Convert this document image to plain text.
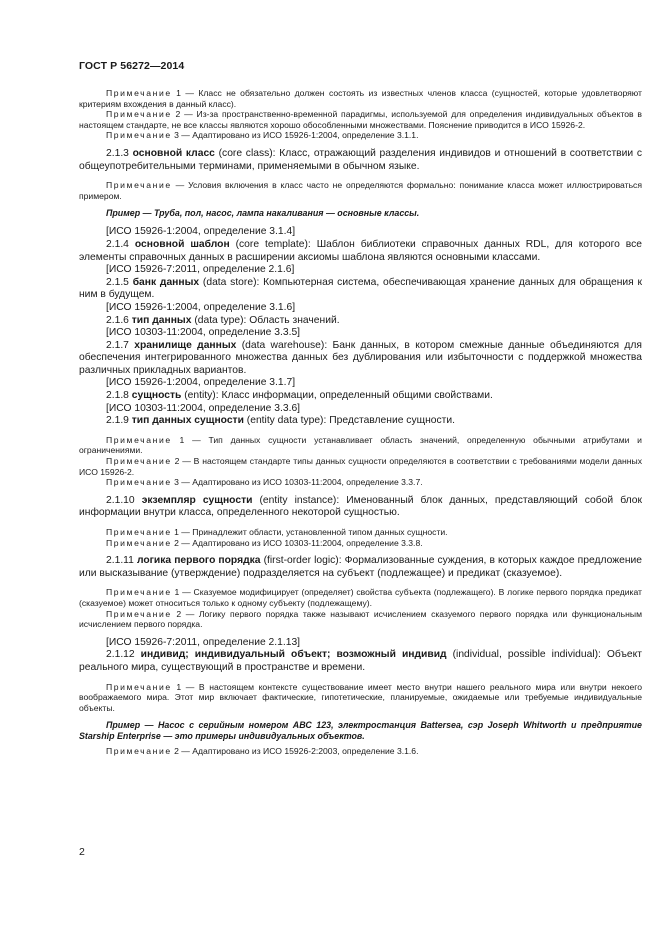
ГОСТ Р 56272—2014

Примечание 1 — Класс не обязательно должен состоять из известных членов класса (сущностей, которые удовлетворяют критериям вхождения в данный класс).

Примечание 2 — Из-за пространственно-временной парадигмы, используемой для определения индивидуальных объектов в настоящем стандарте, не все классы являются хорошо обособленными множествами. Пояснение приводится в ИСО 15926-2.

Примечание 3 — Адаптировано из ИСО 15926-1:2004, определение 3.1.1.

2.1.3 основной класс (core class): Класс, отражающий разделения индивидов и отношений в соответствии с общеупотребительными терминами, применяемыми в обычном языке.

Примечание — Условия включения в класс часто не определяются формально: понимание класса может иллюстрироваться примером.

Пример — Труба, пол, насос, лампа накаливания — основные классы.

[ИСО 15926-1:2004, определение 3.1.4]

2.1.4 основной шаблон (core template): Шаблон библиотеки справочных данных RDL, для которого все элементы справочных данных в расширении аксиомы шаблона являются основными классами.

[ИСО 15926-7:2011, определение 2.1.6]

2.1.5 банк данных (data store): Компьютерная система, обеспечивающая хранение данных для обращения к ним в будущем.

[ИСО 15926-1:2004, определение 3.1.6]

2.1.6 тип данных (data type): Область значений.

[ИСО 10303-11:2004, определение 3.3.5]

2.1.7 хранилище данных (data warehouse): Банк данных, в котором смежные данные объединяются для обеспечения интегрированного множества данных без дублирования или избыточности с поддержкой множества различных прикладных вариантов.

[ИСО 15926-1:2004, определение 3.1.7]

2.1.8 сущность (entity): Класс информации, определенный общими свойствами.

[ИСО 10303-11:2004, определение 3.3.6]

2.1.9 тип данных сущности (entity data type): Представление сущности.

Примечание 1 — Тип данных сущности устанавливает область значений, определенную обычными атрибутами и ограничениями.

Примечание 2 — В настоящем стандарте типы данных сущности определяются в соответствии с требованиями модели данных ИСО 15926-2.

Примечание 3 — Адаптировано из ИСО 10303-11:2004, определение 3.3.7.

2.1.10 экземпляр сущности (entity instance): Именованный блок данных, представляющий собой блок информации внутри класса, определенного некоторой сущностью.

Примечание 1 — Принадлежит области, установленной типом данных сущности.

Примечание 2 — Адаптировано из ИСО 10303-11:2004, определение 3.3.8.

2.1.11 логика первого порядка (first-order logic): Формализованные суждения, в которых каждое предложение или высказывание (утверждение) подразделяется на субъект (подлежащее) и предикат (сказуемое).

Примечание 1 — Сказуемое модифицирует (определяет) свойства субъекта (подлежащего). В логике первого порядка предикат (сказуемое) может относиться только к одному субъекту (подлежащему).

Примечание 2 — Логику первого порядка также называют исчислением сказуемого первого порядка или функциональным исчислением первого порядка.

[ИСО 15926-7:2011, определение 2.1.13]

2.1.12 индивид; индивидуальный объект; возможный индивид (individual, possible individual): Объект реального мира, существующий в пространстве и времени.

Примечание 1 — В настоящем контексте существование имеет место внутри нашего реального мира или внутри некоего воображаемого мира. Этот мир включает фактические, гипотетические, планируемые, ожидаемые или требуемые индивидуальные объекты.

Пример — Насос с серийным номером АВС 123, электростанция Battersea, сэр Joseph Whitworth и предприятие Starship Enterprise — это примеры индивидуальных объектов.

Примечание 2 — Адаптировано из ИСО 15926-2:2003, определение 3.1.6.

2
